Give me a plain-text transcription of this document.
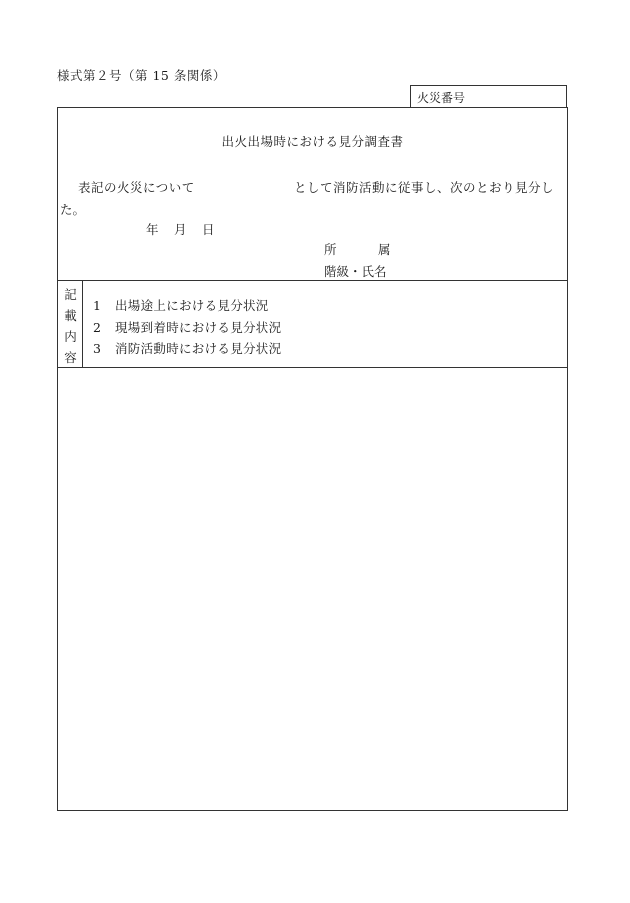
様式第２号（第 15 条関係）
火災番号
出火出場時における見分調査書
表記の火災について	として消防活動に従事し、次のとおり見分し
た。
年 月 日
所	属
階級・氏名
記
載
内
容
1 出場途上における見分状況
2 現場到着時における見分状況
3 消防活動時における見分状況
